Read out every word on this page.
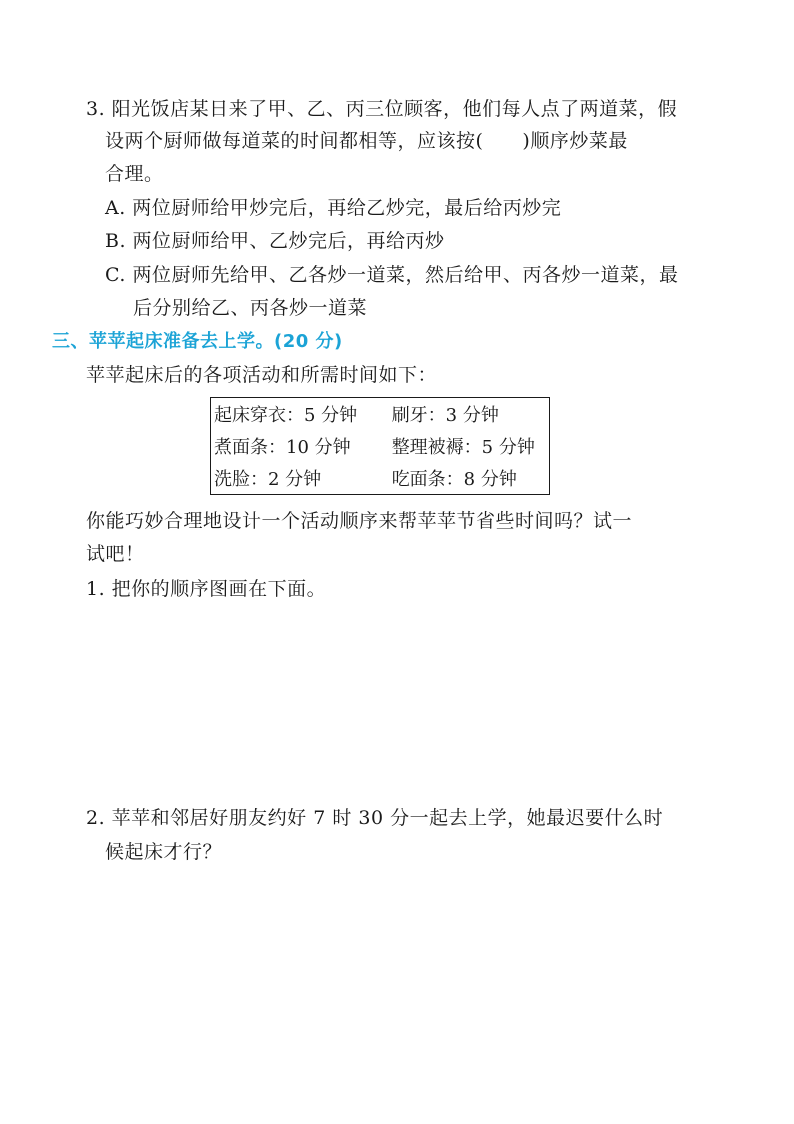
3. 阳光饭店某日来了甲、乙、丙三位顾客，他们每人点了两道菜，假
设两个厨师做每道菜的时间都相等，应该按(　　)顺序炒菜最
合理。
A. 两位厨师给甲炒完后，再给乙炒完，最后给丙炒完
B. 两位厨师给甲、乙炒完后，再给丙炒
C. 两位厨师先给甲、乙各炒一道菜，然后给甲、丙各炒一道菜，最
后分别给乙、丙各炒一道菜
三、苹苹起床准备去上学。(20 分)
苹苹起床后的各项活动和所需时间如下：
起床穿衣：5 分钟	刷牙：3 分钟
煮面条：10 分钟	整理被褥：5 分钟
洗脸：2 分钟	吃面条：8 分钟
你能巧妙合理地设计一个活动顺序来帮苹苹节省些时间吗？试一
试吧！
1. 把你的顺序图画在下面。
2. 苹苹和邻居好朋友约好 7 时 30 分一起去上学，她最迟要什么时
候起床才行？
